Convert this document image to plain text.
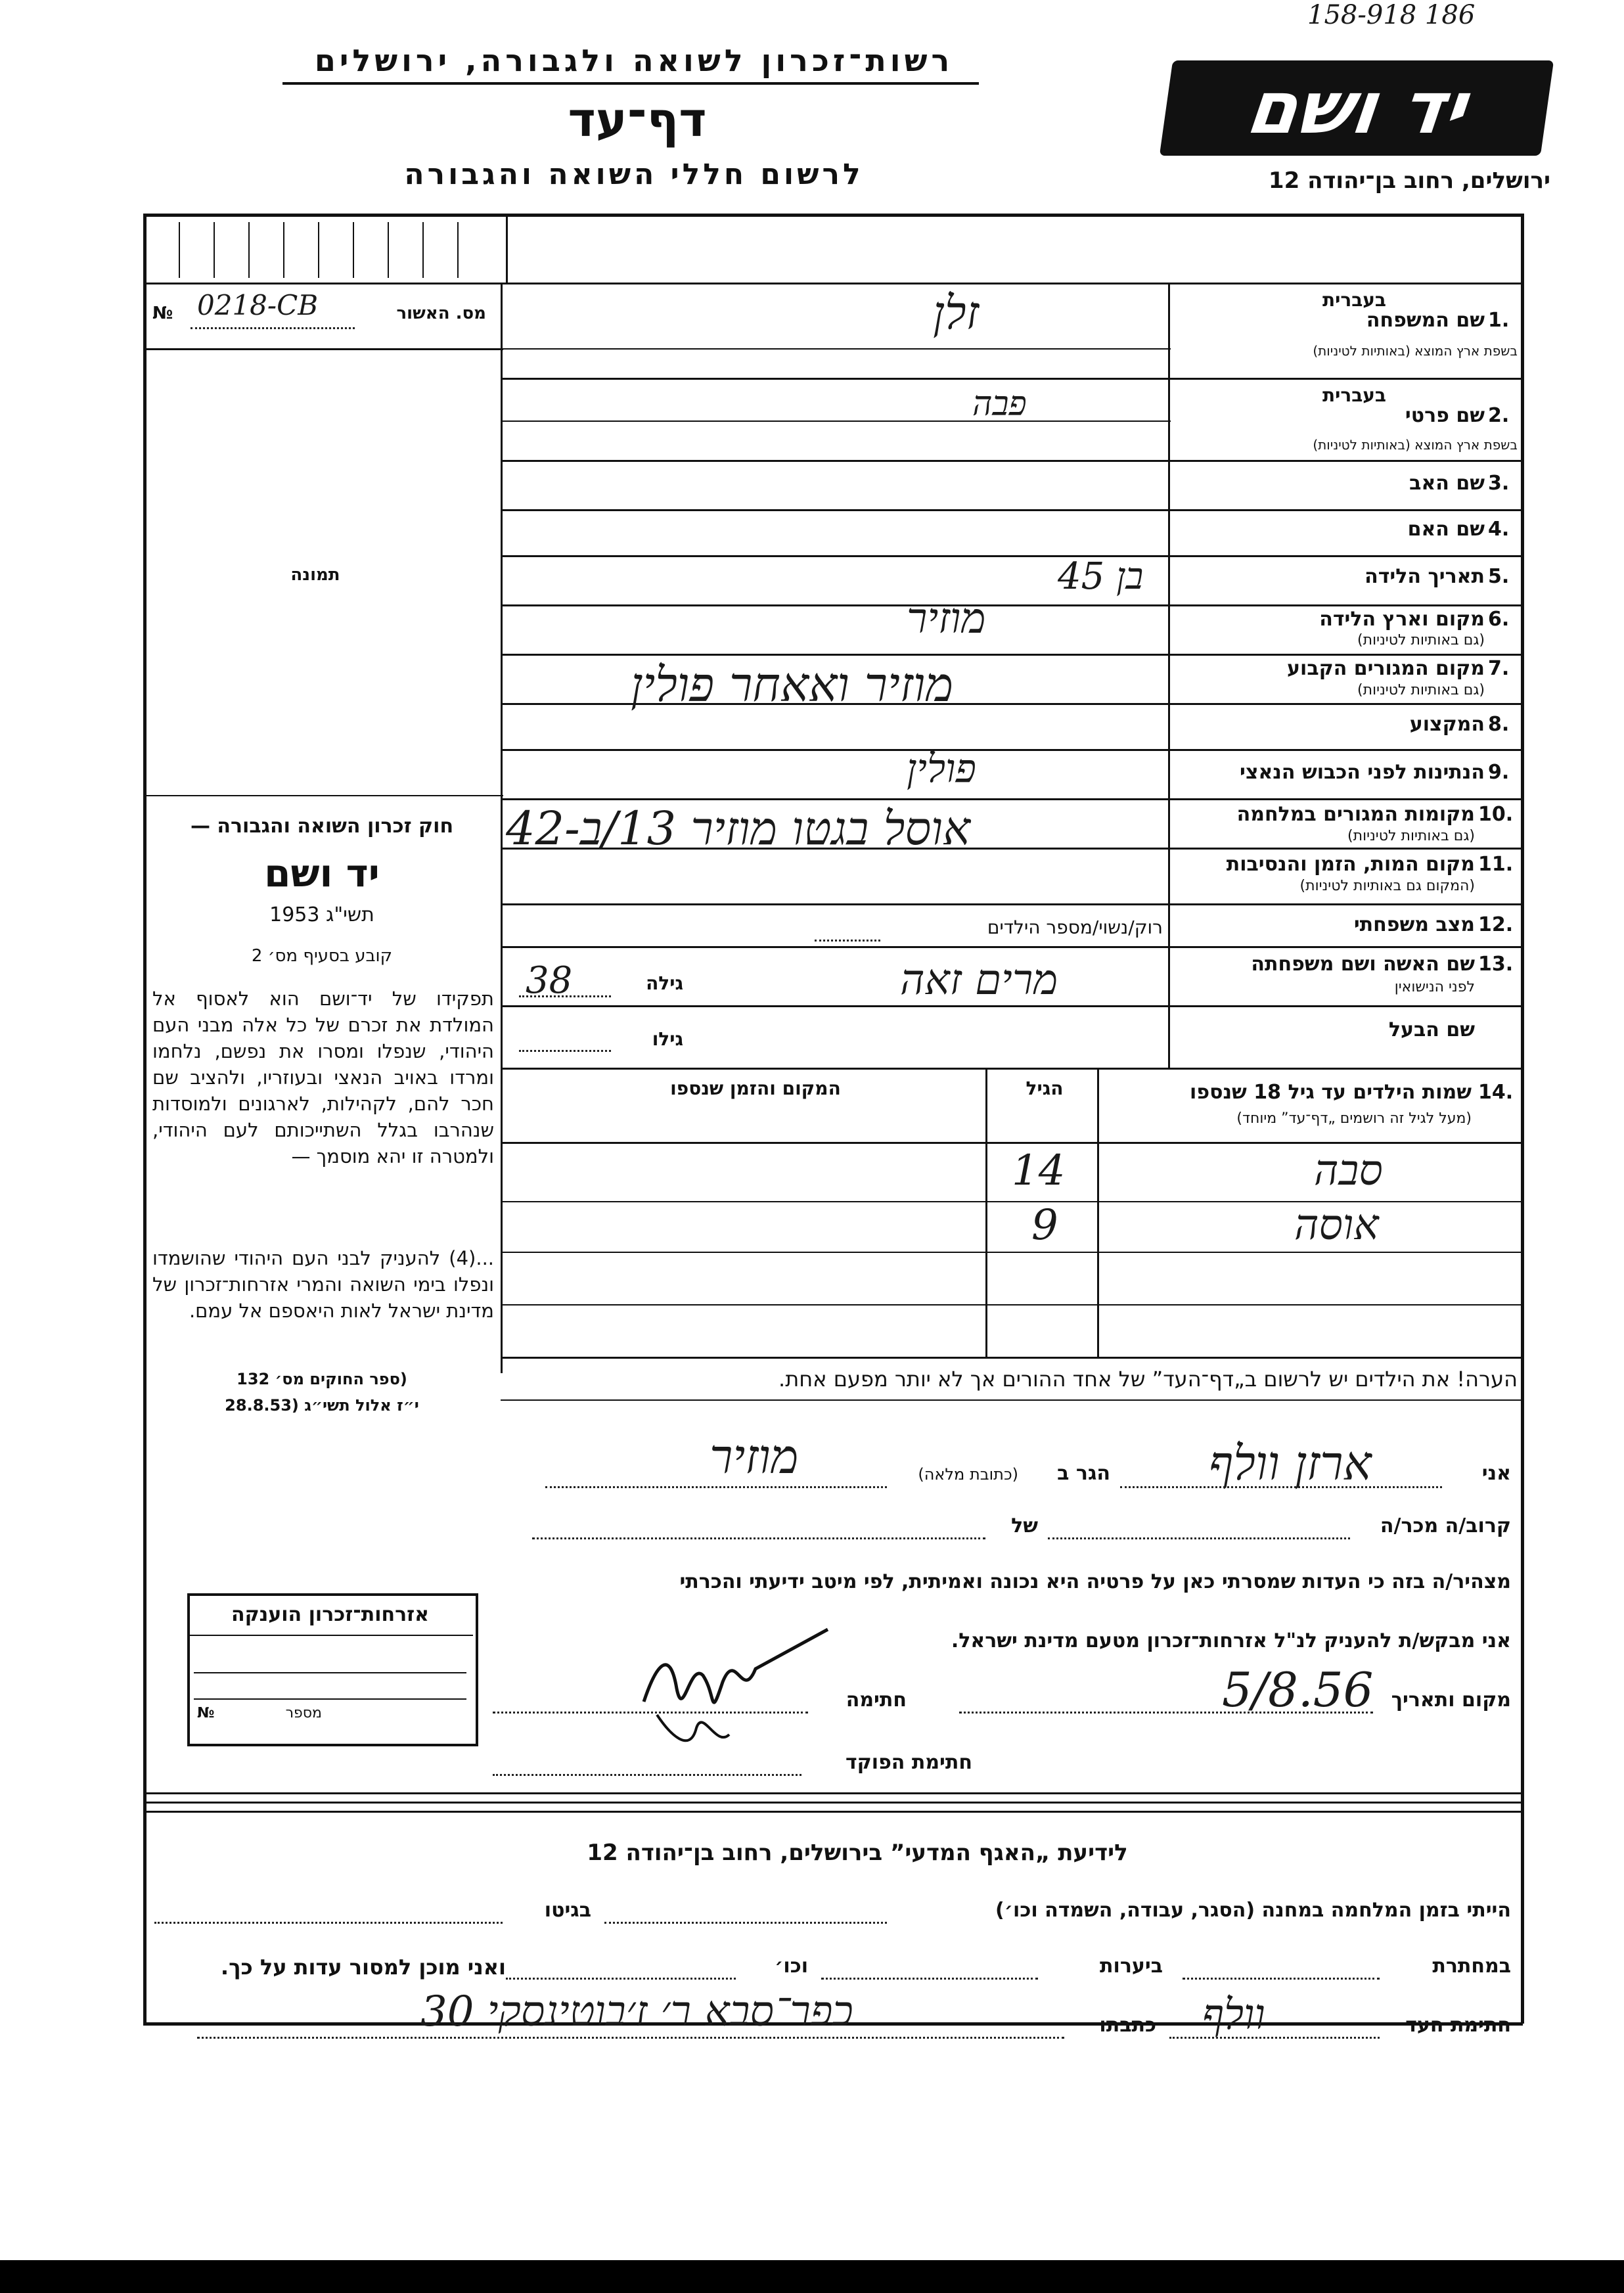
158-918 186
רשות־זכרון לשואה ולגבורה, ירושלים
דף־עד
לרשום חללי השואה והגבורה
יד ושם
ירושלים, רחוב בן־יהודה 12
מס. האשור
№ 0218-CB
תמונה
בעברית
1.
שם המשפחה
בשפת ארץ המוצא (באותיות לטיניות)
בעברית
2.
שם פרטי
בשפת ארץ המוצא (באותיות לטיניות)
3.
שם האב
4.
שם האם
5.
תאריך הלידה
6.
מקום וארץ הלידה
(גם באותיות לטיניות)
7.
מקום המגורים הקבוע
(גם באותיות לטיניות)
8.
המקצוע
9.
הנתינות לפני הכבוש הנאצי
10.
מקומות המגורים במלחמה
(גם באותיות לטיניות)
11.
מקום המות, הזמן והנסיבות
(המקום גם באותיות לטיניות)
12.
מצב משפחתי
13.
שם האשה ושם משפחתה
לפני הנישואין
שם הבעל
זלן
פבה
בן 45
מוזיר
מוזיר ואאחר פולין
פולין
אוסל בגטו מוזיר 13/ב-42
רוק/נשוי/מספר הילדים
מרים זאה
גילה
38
גילו
14.
שמות הילדים עד גיל 18 שנספו
(מעל לגיל זה רושמים „דף־עד” מיוחד)
הגיל
המקום והזמן שנספו
סבה
14
אוסה
9
הערה! את הילדים יש לרשום ב„דף־העד” של אחד ההורים אך לא יותר מפעם אחת.
אני
ארזן וולף
הגר ב
(כתובת מלאה)
מוזיר
קרוב/ה מכר/ה
של
מצהיר/ה בזה כי העדות שמסרתי כאן על פרטיה היא נכונה ואמיתית, לפי מיטב ידיעתי והכרתי
אני מבקש/ת להעניק לנ"ל אזרחות־זכרון מטעם מדינת ישראל.
מקום ותאריך
5/8.56
חתימה
חתימת הפוקד
חוק זכרון השואה והגבורה —
יד ושם
תשי"ג 1953
קובע בסעיף מס׳ 2
תפקידו של יד־ושם הוא לאסוף אל המולדת את זכרם של כל אלה מבני העם היהודי, שנפלו ומסרו את נפשם, נלחמו ומרדו באויב הנאצי ובעוזריו, ולהציב שם חכר להם, לקהילות, לארגונים ולמוסדות שנהרבו בגלל השתייכותם לעם היהודי, ולמטרה זו יהא מוסמך —
...(4) להעניק לבני העם היהודי שהושמדו ונפלו בימי השואה והמרי אזרחות־זכרון של מדינת ישראל לאות היאספם אל עמם.
(ספר החוקים מס׳ 132
י״ז אלול תשי״ג (28.8.53
אזרחות־זכרון הוענקה
№	מספר
לידיעת „האגף המדעי” בירושלים, רחוב בן־יהודה 12
הייתי בזמן המלחמה במחנה (הסגר, עבודה, השמדה וכו׳)
בגיטו
במחתרת
ביערות
וכו׳
ואני מוכן למסור עדות על כך.
חתימת העד
וולף
כתבתו
כפר־סבא ר׳ ז׳בוטינסקי 30
